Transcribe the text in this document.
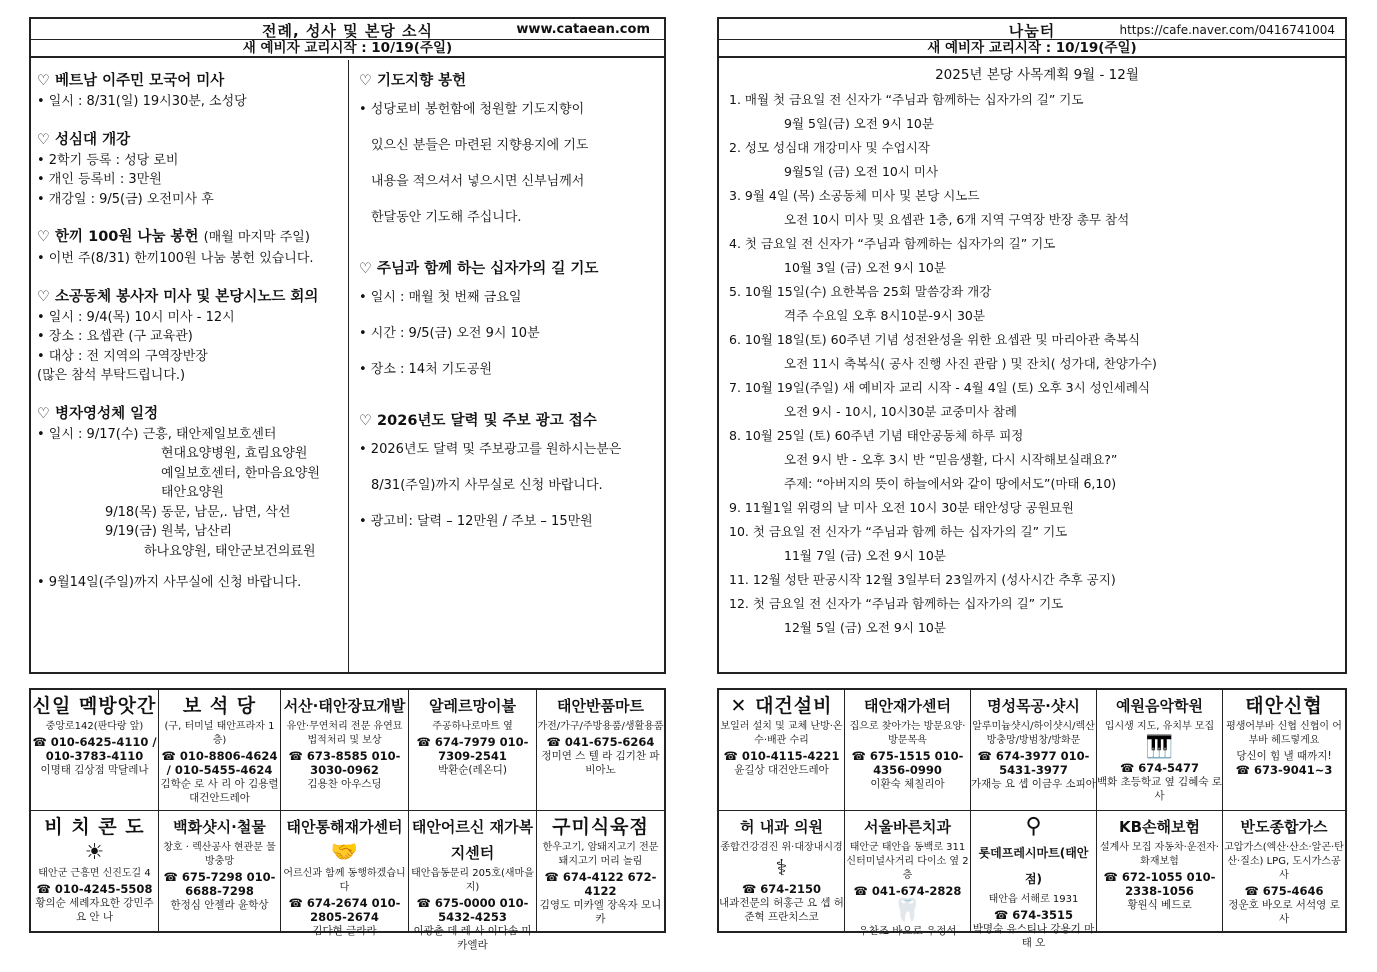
전례, 성사 및 본당 소식	www.cataean.com
새 예비자 교리시작 : 10/19(주일)
♡ 베트남 이주민 모국어 미사
• 일시 : 8/31(일) 19시30분, 소성당
♡ 성심대 개강
• 2학기 등록 : 성당 로비
• 개인 등록비 : 3만원
• 개강일 : 9/5(금) 오전미사 후
♡ 한끼 100원 나눔 봉헌 (매월 마지막 주일)
• 이번 주(8/31) 한끼100원 나눔 봉헌 있습니다.
♡ 소공동체 봉사자 미사 및 본당시노드 회의
• 일시 : 9/4(목) 10시 미사 - 12시
• 장소 : 요셉관 (구 교육관)
• 대상 : 전 지역의 구역장반장
(많은 참석 부탁드립니다.)
♡ 병자영성체 일정
• 일시 : 9/17(수) 근흥, 태안제일보호센터
현대요양병원, 효림요양원
예일보호센터, 한마음요양원
태안요양원
9/18(목) 동문, 남문,. 남면, 삭선
9/19(금) 원북, 남산리
하나요양원, 태안군보건의료원
• 9월14일(주일)까지 사무실에 신청 바랍니다.
♡ 기도지향 봉헌
• 성당로비 봉헌함에 청원할 기도지향이
있으신 분들은 마련된 지향용지에 기도
내용을 적으셔서 넣으시면 신부님께서
한달동안 기도해 주십니다.
♡ 주님과 함께 하는 십자가의 길 기도
• 일시 : 매월 첫 번째 금요일
• 시간 : 9/5(금) 오전 9시 10분
• 장소 : 14처 기도공원
♡ 2026년도 달력 및 주보 광고 접수
• 2026년도 달력 및 주보광고를 원하시는분은
8/31(주일)까지 사무실로 신청 바랍니다.
• 광고비: 달력 – 12만원 / 주보 – 15만원
나눔터	https://cafe.naver.com/0416741004
새 예비자 교리시작 : 10/19(주일)
2025년 본당 사목계획 9월 - 12월
1. 매월 첫 금요일 전 신자가 “주님과 함께하는 십자가의 길” 기도
9월 5일(금) 오전 9시 10분
2. 성모 성심대 개강미사 및 수업시작
9월5일 (금) 오전 10시 미사
3. 9월 4일 (목) 소공동체 미사 및 본당 시노드
오전 10시 미사 및 요셉관 1층, 6개 지역 구역장 반장 총무 참석
4. 첫 금요일 전 신자가 “주님과 함께하는 십자가의 길” 기도
10월 3일 (금) 오전 9시 10분
5. 10월 15일(수) 요한복음 25회 말씀강좌 개강
격주 수요일 오후 8시10분-9시 30분
6. 10월 18일(토) 60주년 기념 성전완성을 위한 요셉관 및 마리아관 축복식
오전 11시 축복식( 공사 진행 사진 관람 ) 및 잔치( 성가대, 찬양가수)
7. 10월 19일(주일) 새 예비자 교리 시작 - 4월 4일 (토) 오후 3시 성인세례식
오전 9시 - 10시, 10시30분 교중미사 참례
8. 10월 25일 (토) 60주년 기념 태안공동체 하루 피정
오전 9시 반 - 오후 3시 반 “믿음생활, 다시 시작해보실래요?”
주제: “아버지의 뜻이 하늘에서와 같이 땅에서도”(마태 6,10)
9. 11월1일 위령의 날 미사 오전 10시 30분 태안성당 공원묘원
10. 첫 금요일 전 신자가 “주님과 함께 하는 십자가의 길” 기도
11월 7일 (금) 오전 9시 10분
11. 12월 성탄 판공시작 12월 3일부터 23일까지 (성사시간 추후 공지)
12. 첫 금요일 전 신자가 “주님과 함께하는 십자가의 길” 기도
12월 5일 (금) 오전 9시 10분
신일 멕방앗간
중앙로142(판다랑 앞)
☎ 010-6425-4110 / 010-3783-4110
이명태 김상점 막달레나
보 석 당
(구, 터미널 태안프라자 1층)
☎ 010-8806-4624 / 010-5455-4624
김학순 로 사 리 아 김용렬 대건안드레아
서산·태안장묘개발
유안·무연처리 전문 유연묘 법적처리 및 보상
☎ 673-8585 010-3030-0962
김용찬 아우스딩
알레르망이불
주공하나로마트 옆
☎ 674-7979 010-7309-2541
박환순(레온디)
태안반품마트
가전/가구/주방용품/생활용품
☎ 041-675-6264
정미연 스 텔 라 김기찬 파비아노
비 치 콘 도
☀
태안군 근흥면 신진도길 4
☎ 010-4245-5508
황의순 세례자요한 강민주 요 안 나
백화샷시·철물
창호 · 렉산공사 현관문 물방충망
☎ 675-7298 010-6688-7298
한정심 안젤라 윤학상
태안통해재가센터
🤝
어르신과 함께 동행하겠습니다
☎ 674-2674 010-2805-2674
김다현 글라라
태안어르신 재가복지센터
태안읍동문리 205호(새마을지)
☎ 675-0000 010-5432-4253
이광춘 데 레 사 이다솜 미카엘라
구미식육점
한우고기, 암돼지고기 전문 돼지고기 머리 놀림
☎ 674-4122 672-4122
김영도 미카엘 장옥자 모니카
✕ 대건설비
보일러 설치 및 교체 난방·온수·배관 수리
☎ 010-4115-4221
윤길상 대건안드레아
태안재가센터
집으로 찾아가는 방문요양·방문목욕
☎ 675-1515 010-4356-0990
이환숙 체칠리아
명성목공·샷시
알루미늄샷시/하이샷시/렉산 방충망/방범창/방화문
☎ 674-3977 010-5431-3977
가재능 요 셉 이금우 소피아
예원음악학원
입시생 지도, 유치부 모집
🎹
☎ 674-5477
백화 초등학교 옆 김혜숙 로사
태안신협
평생어부바 신협 신협이 어부바 헤드렇게요
당신이 힘 낼 때까지!
☎ 673-9041~3
허 내과 의원
종합건강검진 위·대장내시경
⚕
☎ 674-2150
내과전문의 허홍근 요 셉 허준혁 프란치스코
서울바른치과
태안군 태안읍 동백로 311 신터미널사거리 다이소 옆 2층
☎ 041-674-2828
🦷
우찬조 바오로 우정석
⚲
롯데프레시마트(태안점)
태안읍 서해로 1931
☎ 674-3515
박명숙 유스티나 강용기 마 태 오
KB손해보험
설계사 모집 자동차·운전자·화재보험
☎ 672-1055 010-2338-1056
황원식 베드로
반도종합가스
고압가스(엑산·산소·알곤·탄산·질소) LPG, 도시가스공사
☎ 675-4646
정운호 바오로 서석영 로 사
